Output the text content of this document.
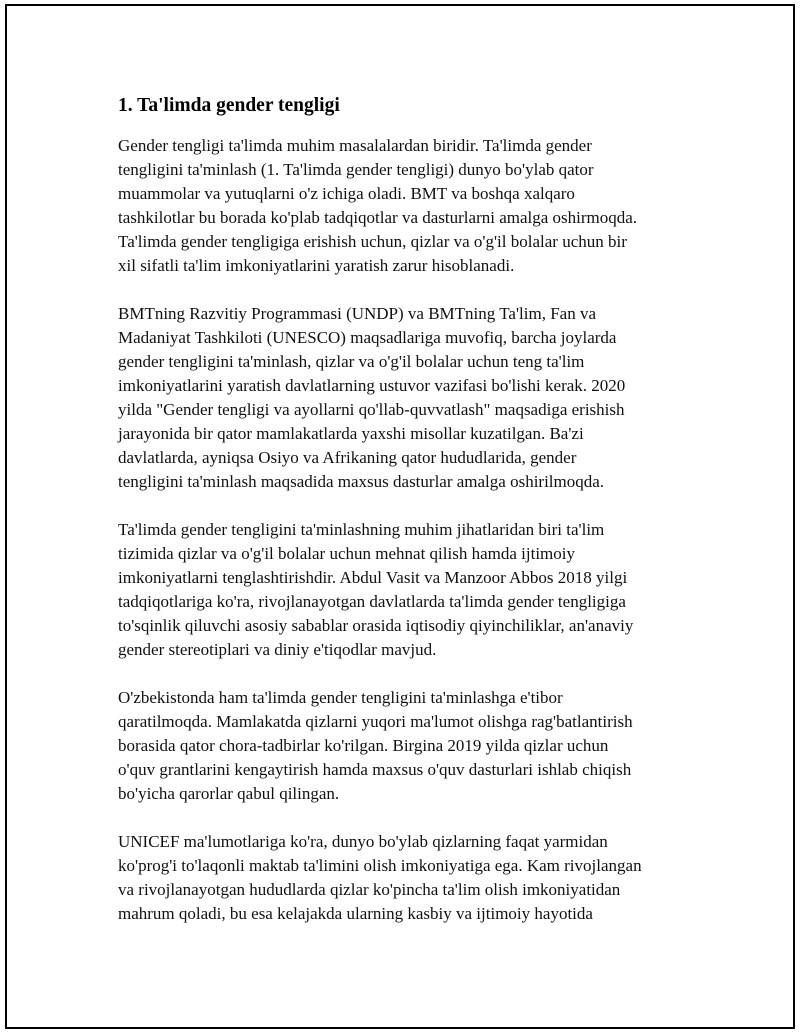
1. Ta'limda gender tengligi

Gender tengligi ta'limda muhim masalalardan biridir. Ta'limda gender
tengligini ta'minlash (1. Ta'limda gender tengligi) dunyo bo'ylab qator
muammolar va yutuqlarni o'z ichiga oladi. BMT va boshqa xalqaro
tashkilotlar bu borada ko'plab tadqiqotlar va dasturlarni amalga oshirmoqda.
Ta'limda gender tengligiga erishish uchun, qizlar va o'g'il bolalar uchun bir
xil sifatli ta'lim imkoniyatlarini yaratish zarur hisoblanadi.

BMTning Razvitiy Programmasi (UNDP) va BMTning Ta'lim, Fan va
Madaniyat Tashkiloti (UNESCO) maqsadlariga muvofiq, barcha joylarda
gender tengligini ta'minlash, qizlar va o'g'il bolalar uchun teng ta'lim
imkoniyatlarini yaratish davlatlarning ustuvor vazifasi bo'lishi kerak. 2020
yilda "Gender tengligi va ayollarni qo'llab-quvvatlash" maqsadiga erishish
jarayonida bir qator mamlakatlarda yaxshi misollar kuzatilgan. Ba'zi
davlatlarda, ayniqsa Osiyo va Afrikaning qator hududlarida, gender
tengligini ta'minlash maqsadida maxsus dasturlar amalga oshirilmoqda.

Ta'limda gender tengligini ta'minlashning muhim jihatlaridan biri ta'lim
tizimida qizlar va o'g'il bolalar uchun mehnat qilish hamda ijtimoiy
imkoniyatlarni tenglashtirishdir. Abdul Vasit va Manzoor Abbos 2018 yilgi
tadqiqotlariga ko'ra, rivojlanayotgan davlatlarda ta'limda gender tengligiga
to'sqinlik qiluvchi asosiy sabablar orasida iqtisodiy qiyinchiliklar, an'anaviy
gender stereotiplari va diniy e'tiqodlar mavjud.

O'zbekistonda ham ta'limda gender tengligini ta'minlashga e'tibor
qaratilmoqda. Mamlakatda qizlarni yuqori ma'lumot olishga rag'batlantirish
borasida qator chora-tadbirlar ko'rilgan. Birgina 2019 yilda qizlar uchun
o'quv grantlarini kengaytirish hamda maxsus o'quv dasturlari ishlab chiqish
bo'yicha qarorlar qabul qilingan.

UNICEF ma'lumotlariga ko'ra, dunyo bo'ylab qizlarning faqat yarmidan
ko'prog'i to'laqonli maktab ta'limini olish imkoniyatiga ega. Kam rivojlangan
va rivojlanayotgan hududlarda qizlar ko'pincha ta'lim olish imkoniyatidan
mahrum qoladi, bu esa kelajakda ularning kasbiy va ijtimoiy hayotida
